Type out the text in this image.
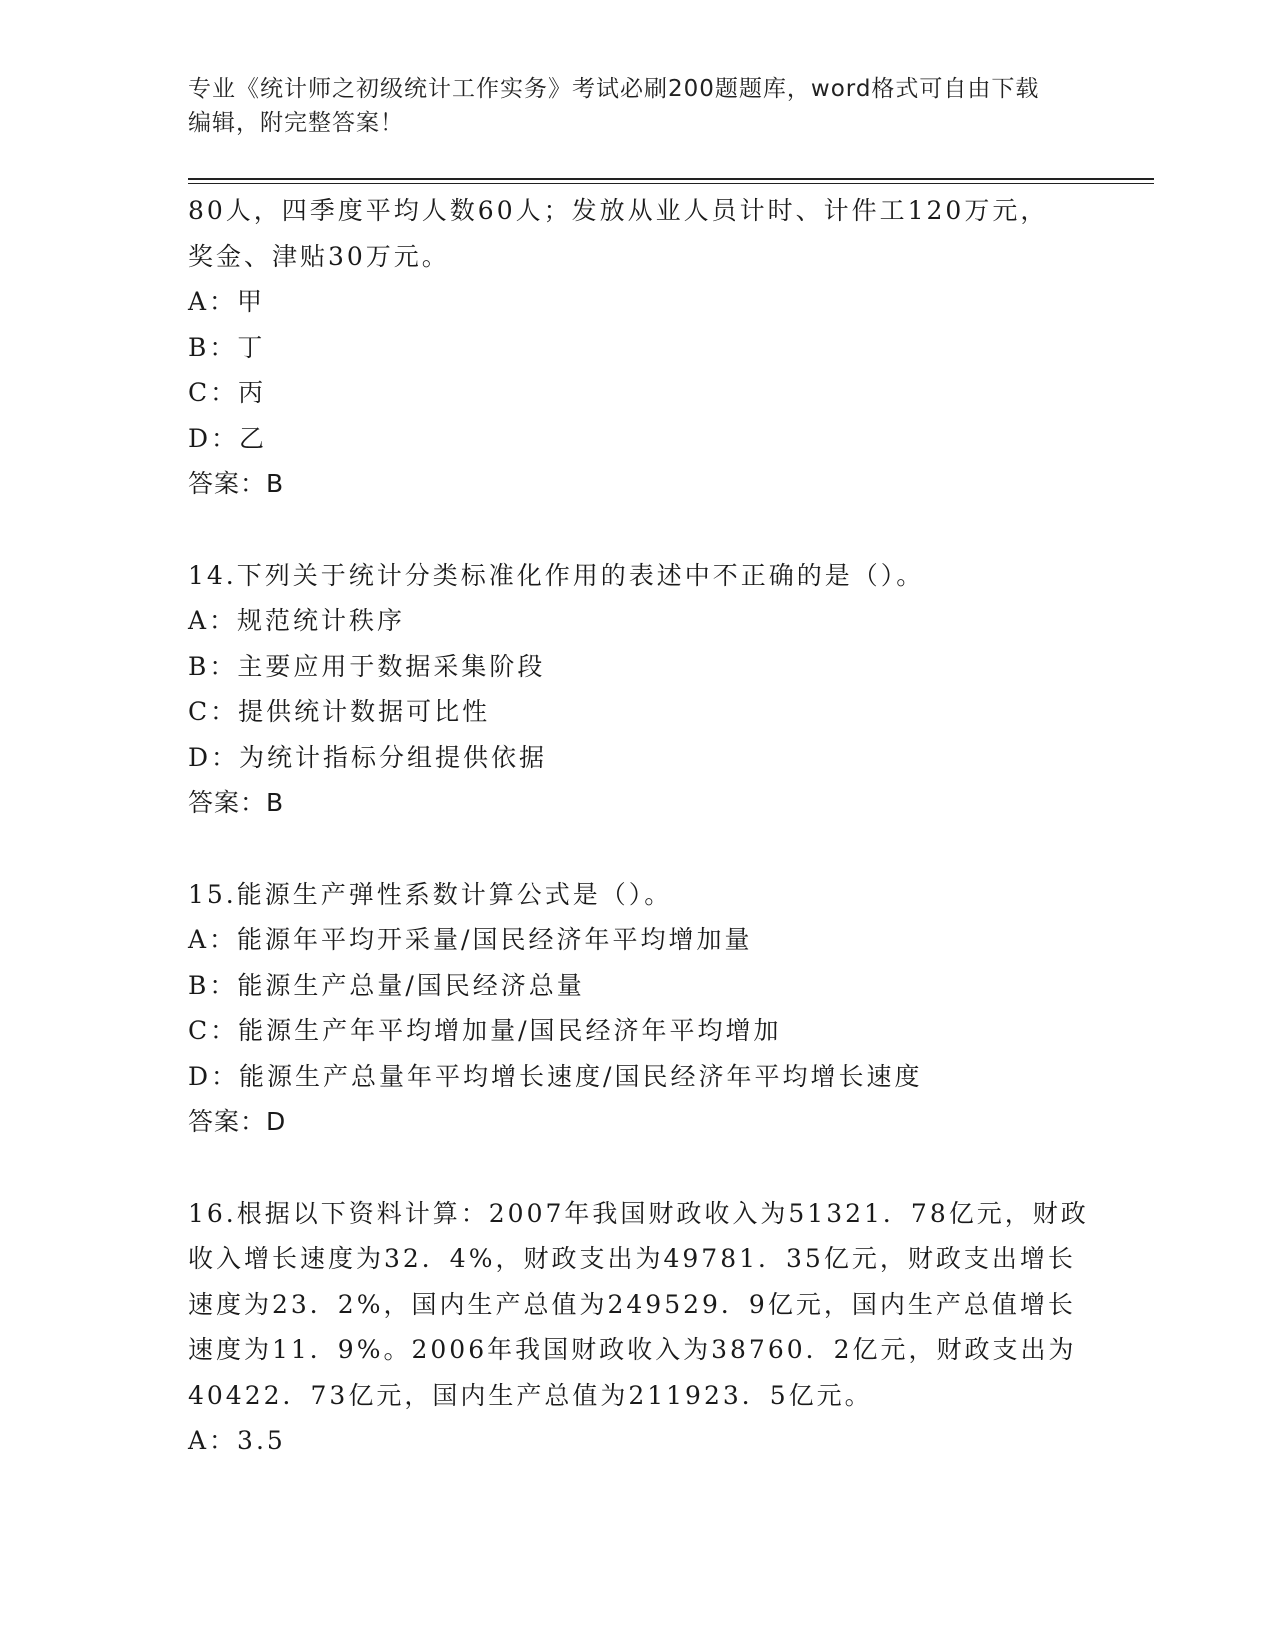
专业《统计师之初级统计工作实务》考试必刷200题题库，word格式可自由下载
编辑，附完整答案！
80人，四季度平均人数60人；发放从业人员计时、计件工120万元，
奖金、津贴30万元。
A：甲
B：丁
C：丙
D：乙
答案：B
14.下列关于统计分类标准化作用的表述中不正确的是（）。
A：规范统计秩序
B：主要应用于数据采集阶段
C：提供统计数据可比性
D：为统计指标分组提供依据
答案：B
15.能源生产弹性系数计算公式是（）。
A：能源年平均开采量/国民经济年平均增加量
B：能源生产总量/国民经济总量
C：能源生产年平均增加量/国民经济年平均增加
D：能源生产总量年平均增长速度/国民经济年平均增长速度
答案：D
16.根据以下资料计算：2007年我国财政收入为51321．78亿元，财政
收入增长速度为32．4%，财政支出为49781．35亿元，财政支出增长
速度为23．2%，国内生产总值为249529．9亿元，国内生产总值增长
速度为11．9%。2006年我国财政收入为38760．2亿元，财政支出为
40422．73亿元，国内生产总值为211923．5亿元。
A：3.5
